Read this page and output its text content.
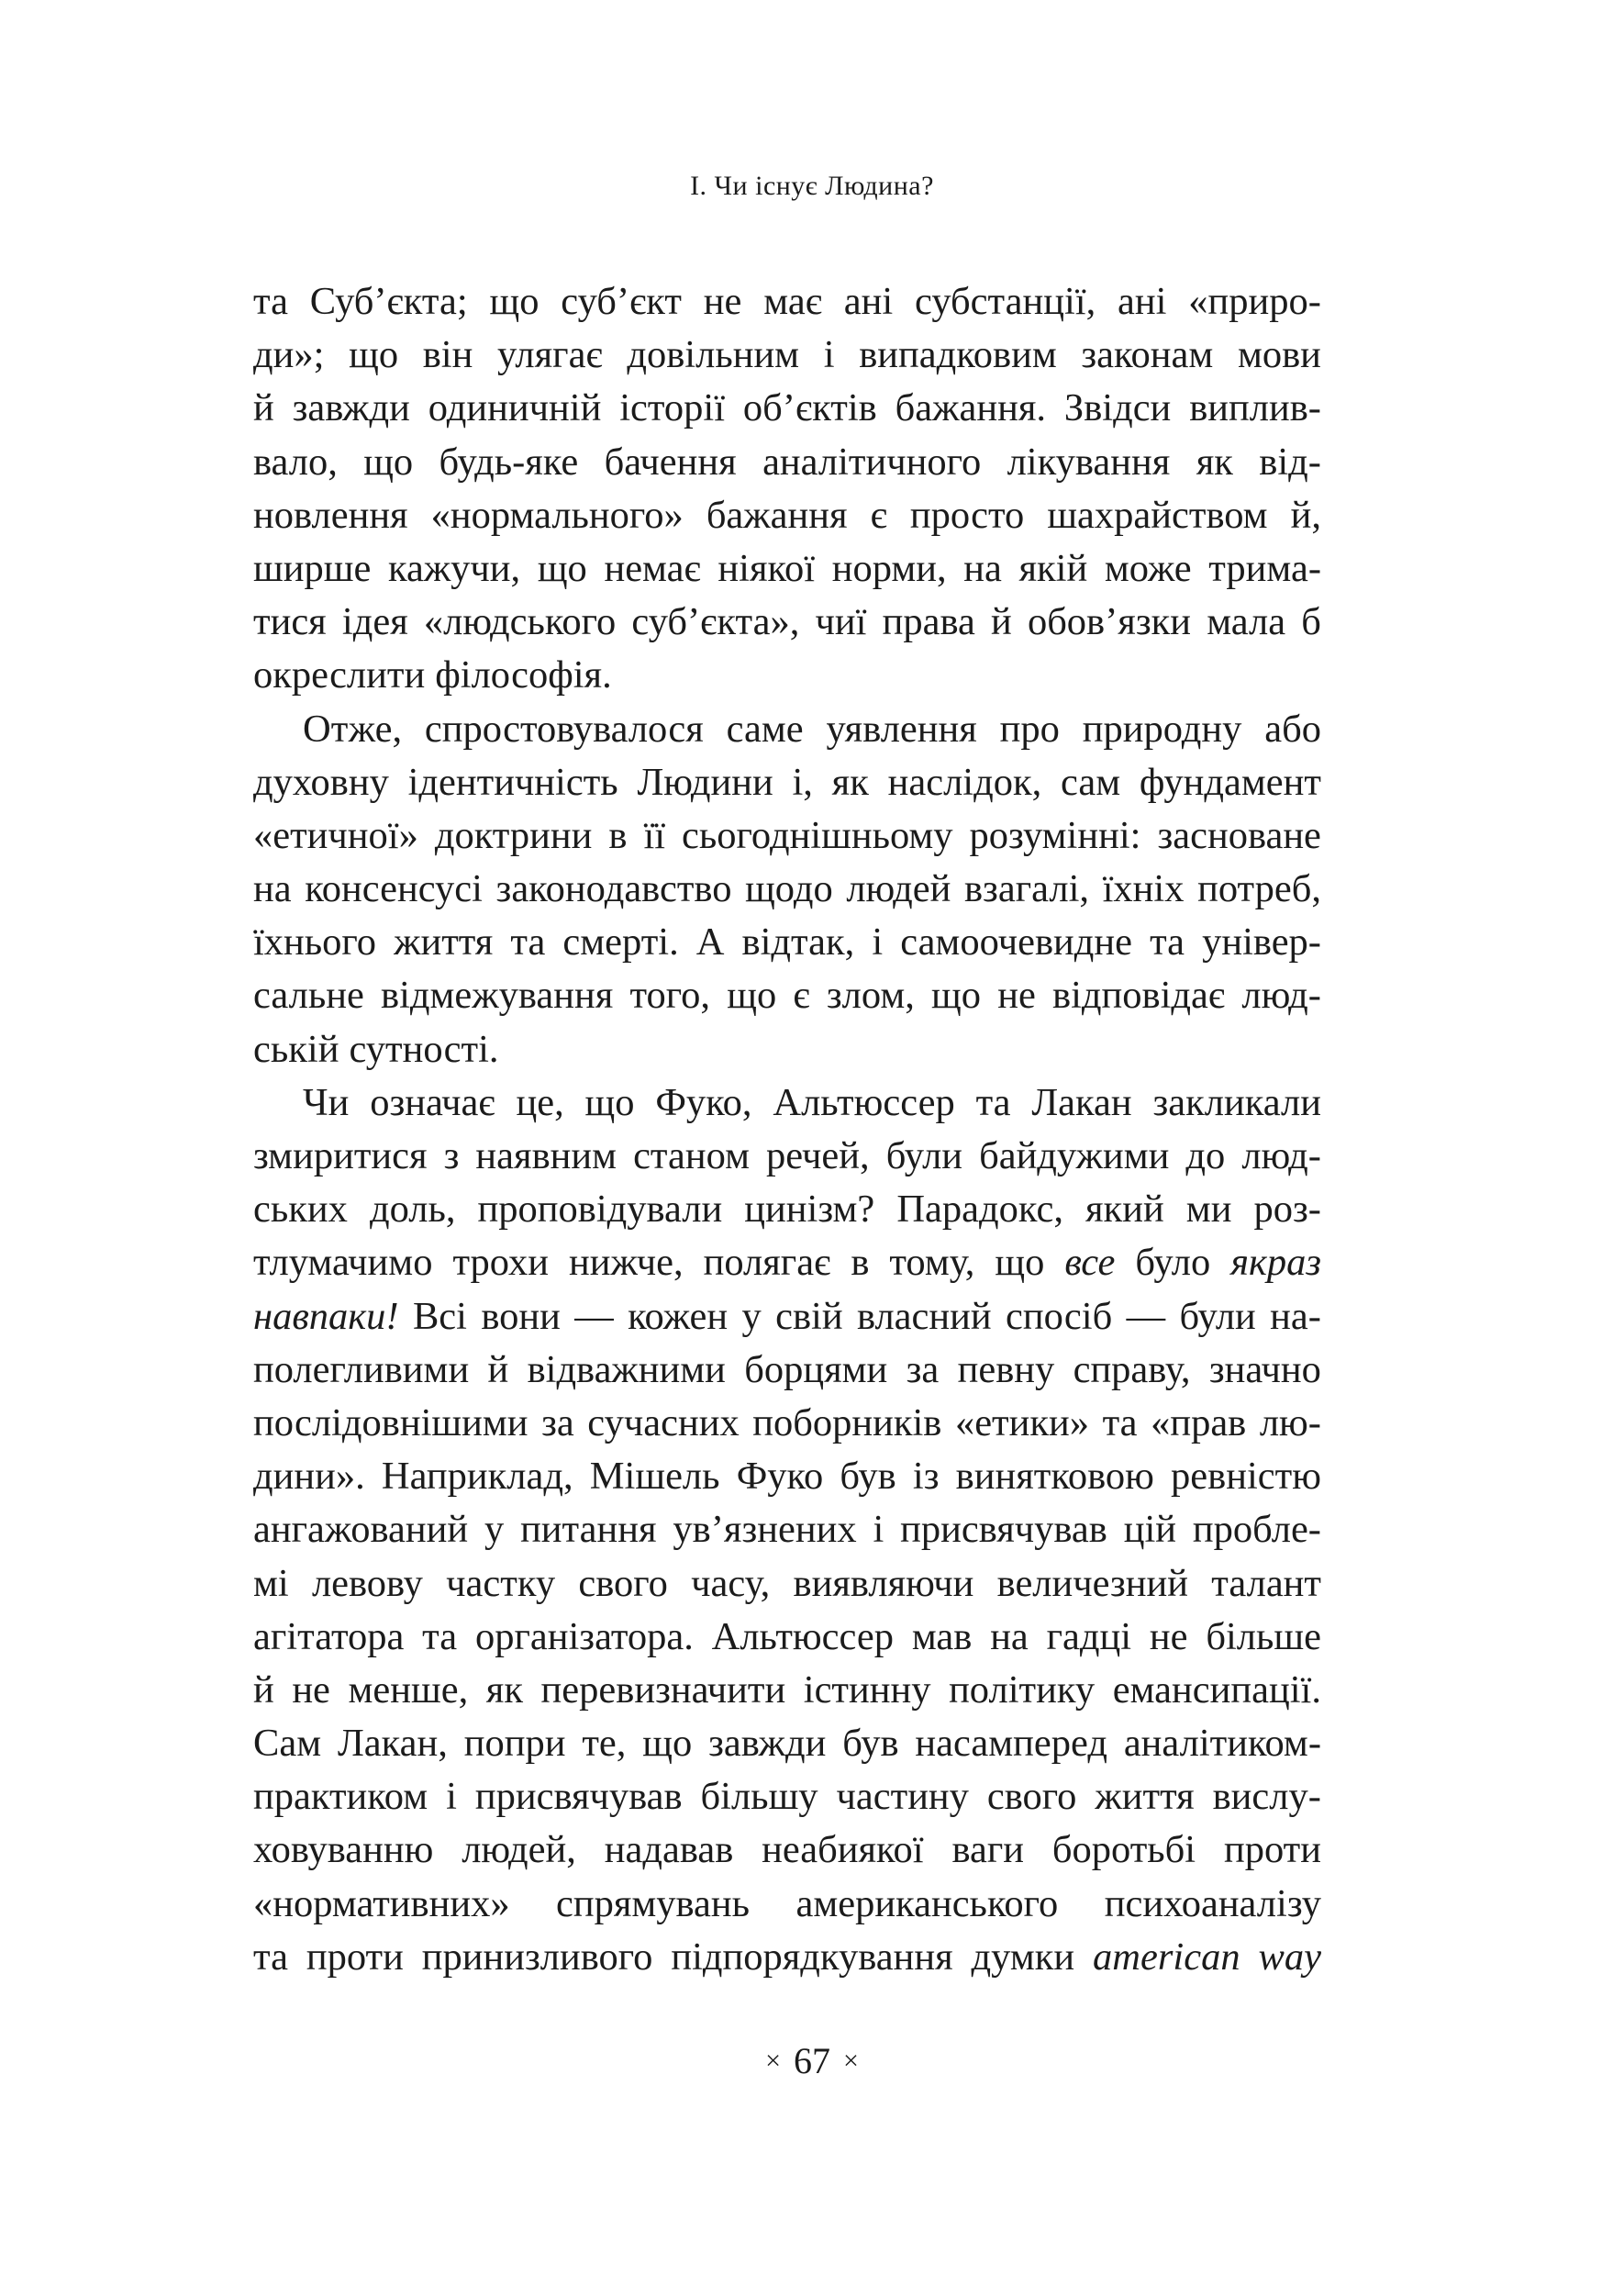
I. Чи існує Людина?
та Суб’єкта; що суб’єкт не має ані субстанції, ані «приро-
ди»; що він улягає довільним і випадковим законам мови
й завжди одиничній історії об’єктів бажання. Звідси виплив-
вало, що будь-яке бачення аналітичного лікування як від-
новлення «нормального» бажання є просто шахрайством й,
ширше кажучи, що немає ніякої норми, на якій може трима-
тися ідея «людського суб’єкта», чиї права й обов’язки мала б
окреслити філософія.
Отже, спростовувалося саме уявлення про природну або
духовну ідентичність Людини і, як наслідок, сам фундамент
«етичної» доктрини в її сьогоднішньому розумінні: засноване
на консенсусі законодавство щодо людей взагалі, їхніх потреб,
їхнього життя та смерті. А відтак, і самоочевидне та універ-
сальне відмежування того, що є злом, що не відповідає люд-
ській сутності.
Чи означає це, що Фуко, Альтюссер та Лакан закликали
змиритися з наявним станом речей, були байдужими до люд-
ських доль, проповідували цинізм? Парадокс, який ми роз-
тлумачимо трохи нижче, полягає в тому, що все було якраз
навпаки! Всі вони — кожен у свій власний спосіб — були на-
полегливими й відважними борцями за певну справу, значно
послідовнішими за сучасних поборників «етики» та «прав лю-
дини». Наприклад, Мішель Фуко був із винятковою ревністю
ангажований у питання ув’язнених і присвячував цій пробле-
мі левову частку свого часу, виявляючи величезний талант
агітатора та організатора. Альтюссер мав на гадці не більше
й не менше, як перевизначити істинну політику емансипації.
Сам Лакан, попри те, що завжди був насамперед аналітиком-
практиком і присвячував більшу частину свого життя вислу-
ховуванню людей, надавав неабиякої ваги боротьбі проти
«нормативних» спрямувань американського психоаналізу
та проти принизливого підпорядкування думки american way
× 67 ×
